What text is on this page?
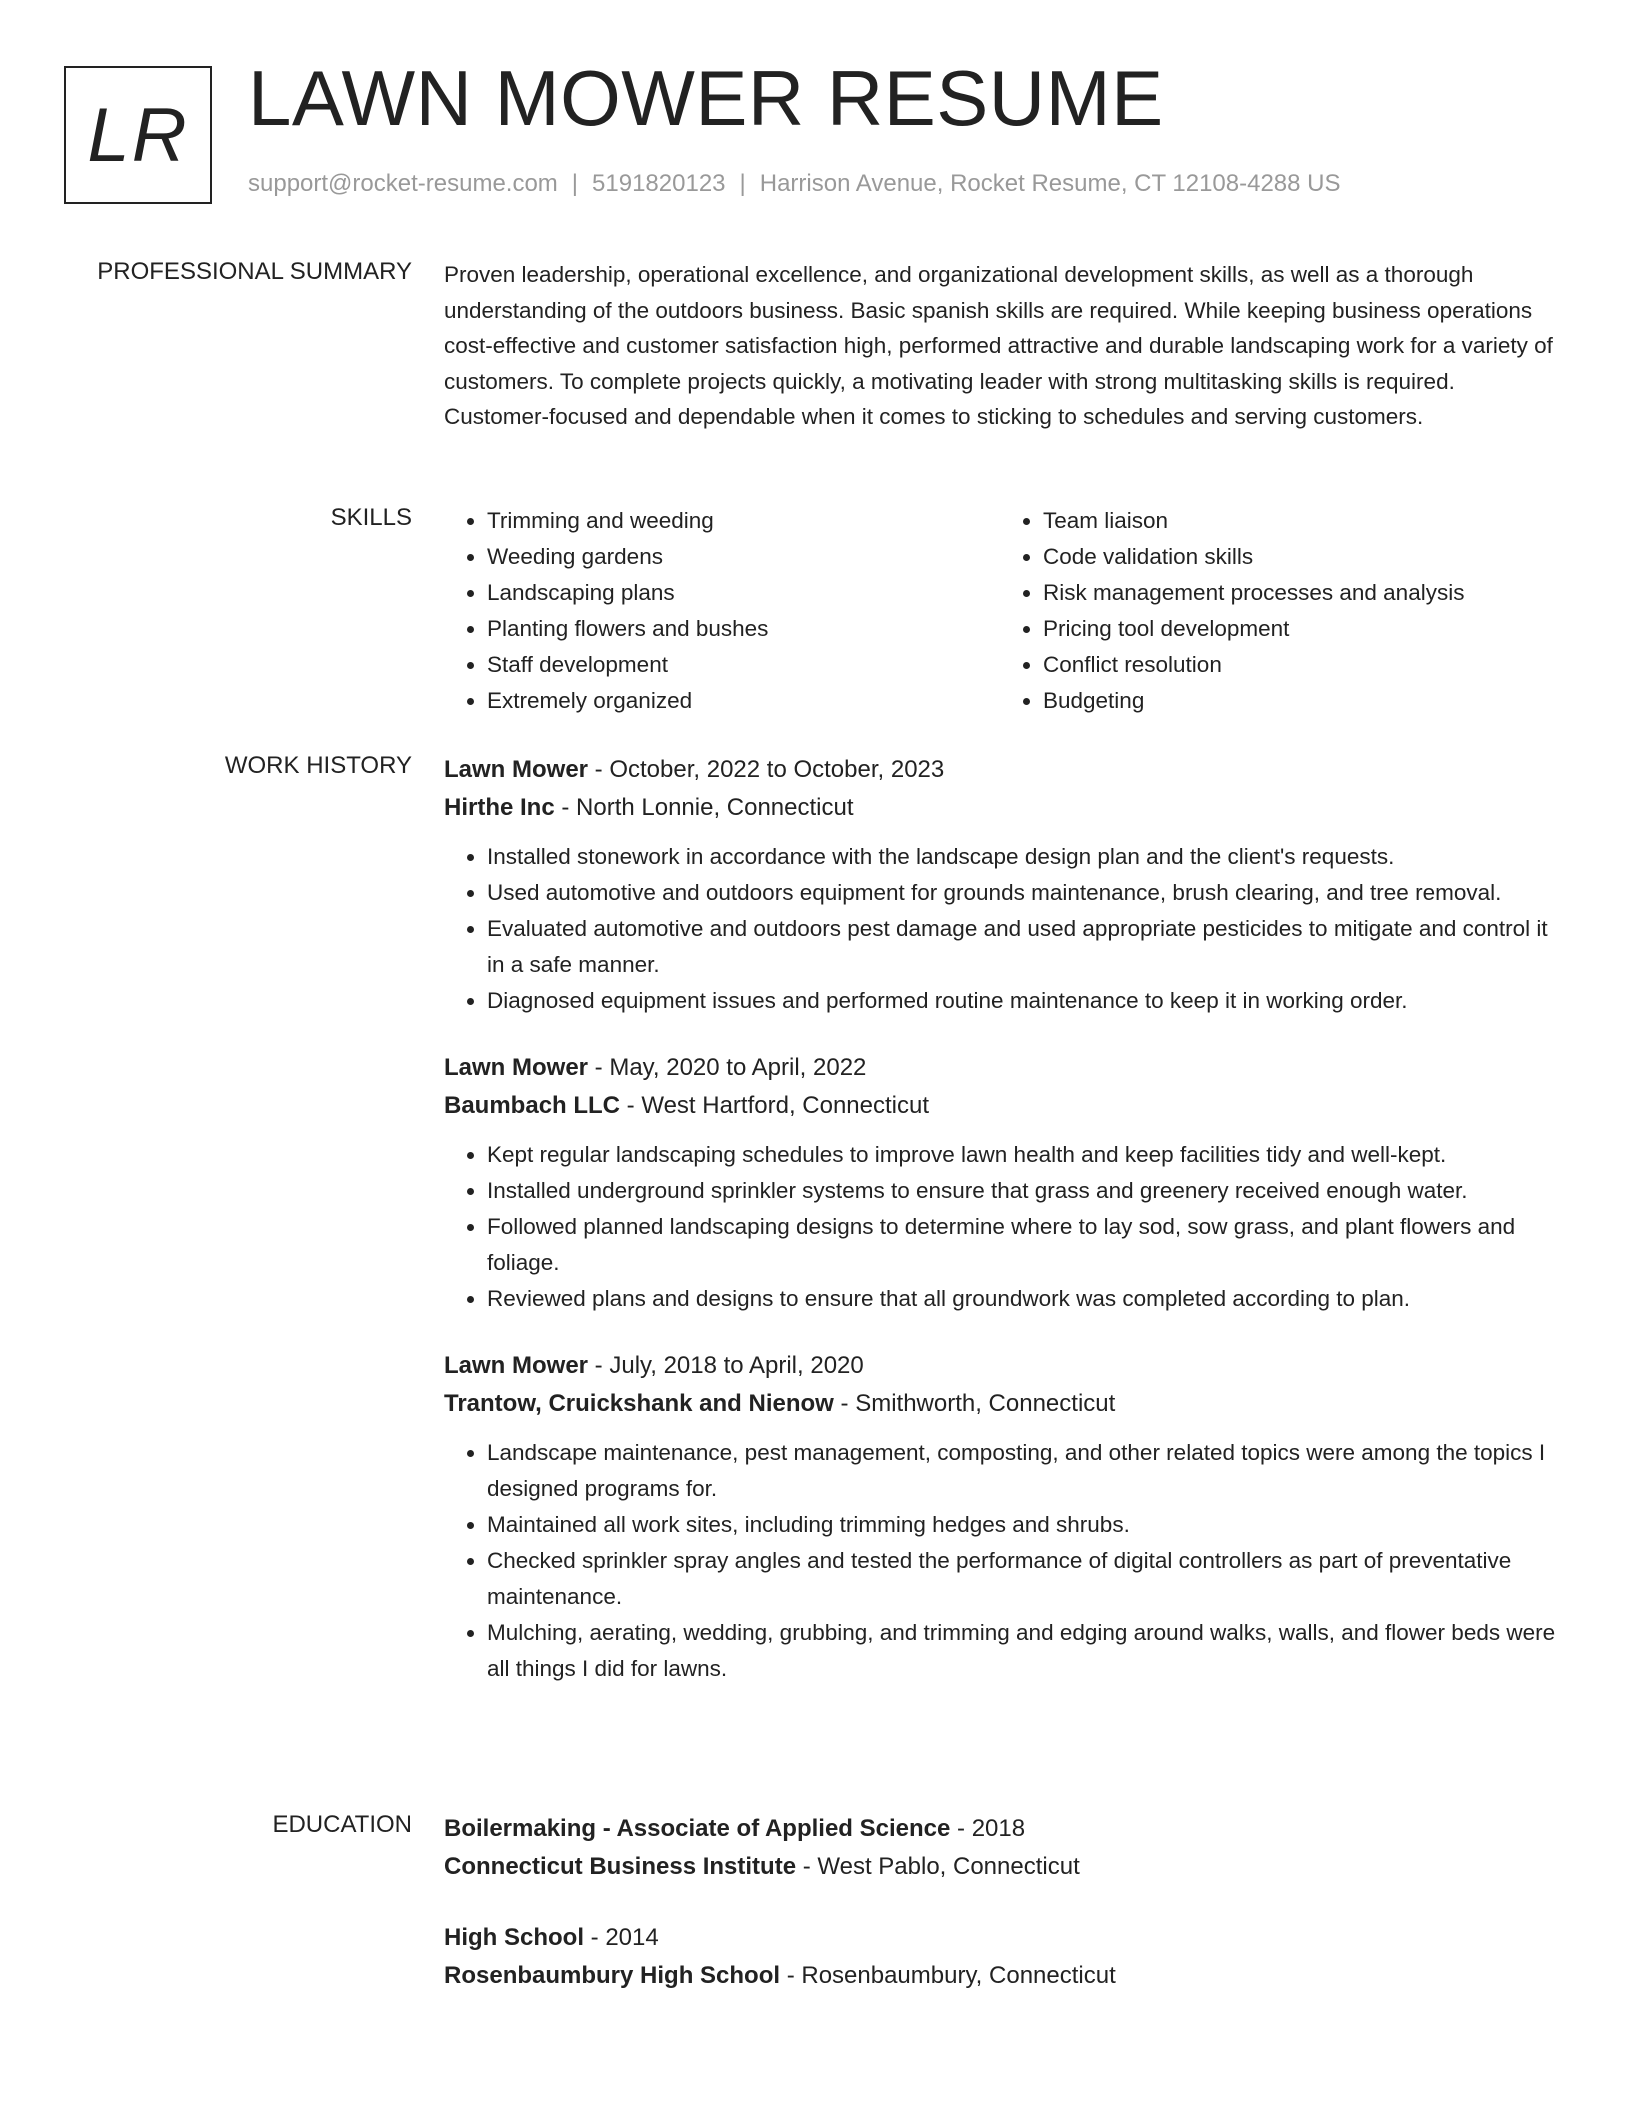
LR LAWN MOWER RESUME
support@rocket-resume.com | 5191820123 | Harrison Avenue, Rocket Resume, CT 12108-4288 US
PROFESSIONAL SUMMARY Proven leadership, operational excellence, and organizational development skills, as well as a thorough understanding of the outdoors business. Basic spanish skills are required. While keeping business operations cost-effective and customer satisfaction high, performed attractive and durable landscaping work for a variety of customers. To complete projects quickly, a motivating leader with strong multitasking skills is required. Customer-focused and dependable when it comes to sticking to schedules and serving customers.

SKILLS
•	Trimming and weeding
• Weeding gardens
• Landscaping plans
• Planting flowers and bushes
• Staff development
• Extremely organized
• Team liaison
• Code validation skills
• Risk management processes and analysis
• Pricing tool development
• Conflict resolution
• Budgeting
WORK HISTORY Lawn Mower - October, 2022 to October, 2023
Hirthe Inc - North Lonnie, Connecticut
• Installed stonework in accordance with the landscape design plan and the client's requests.
• Used automotive and outdoors equipment for grounds maintenance, brush clearing, and tree removal.
• Evaluated automotive and outdoors pest damage and used appropriate pesticides to mitigate and control it in a safe manner.
• Diagnosed equipment issues and performed routine maintenance to keep it in working order.
Lawn Mower - May, 2020 to April, 2022
Baumbach LLC - West Hartford, Connecticut
• Kept regular landscaping schedules to improve lawn health and keep facilities tidy and well-kept.
• Installed underground sprinkler systems to ensure that grass and greenery received enough water.
• Followed planned landscaping designs to determine where to lay sod, sow grass, and plant flowers and foliage.
• Reviewed plans and designs to ensure that all groundwork was completed according to plan.
Lawn Mower - July, 2018 to April, 2020
Trantow, Cruickshank and Nienow - Smithworth, Connecticut
• Landscape maintenance, pest management, composting, and other related topics were among the topics I designed programs for.
• Maintained all work sites, including trimming hedges and shrubs.
• Checked sprinkler spray angles and tested the performance of digital controllers as part of preventative maintenance.
• Mulching, aerating, wedding, grubbing, and trimming and edging around walks, walls, and flower beds were all things I did for lawns.
EDUCATION Boilermaking - Associate of Applied Science - 2018
Connecticut Business Institute - West Pablo, Connecticut
High School - 2014
Rosenbaumbury High School - Rosenbaumbury, Connecticut
